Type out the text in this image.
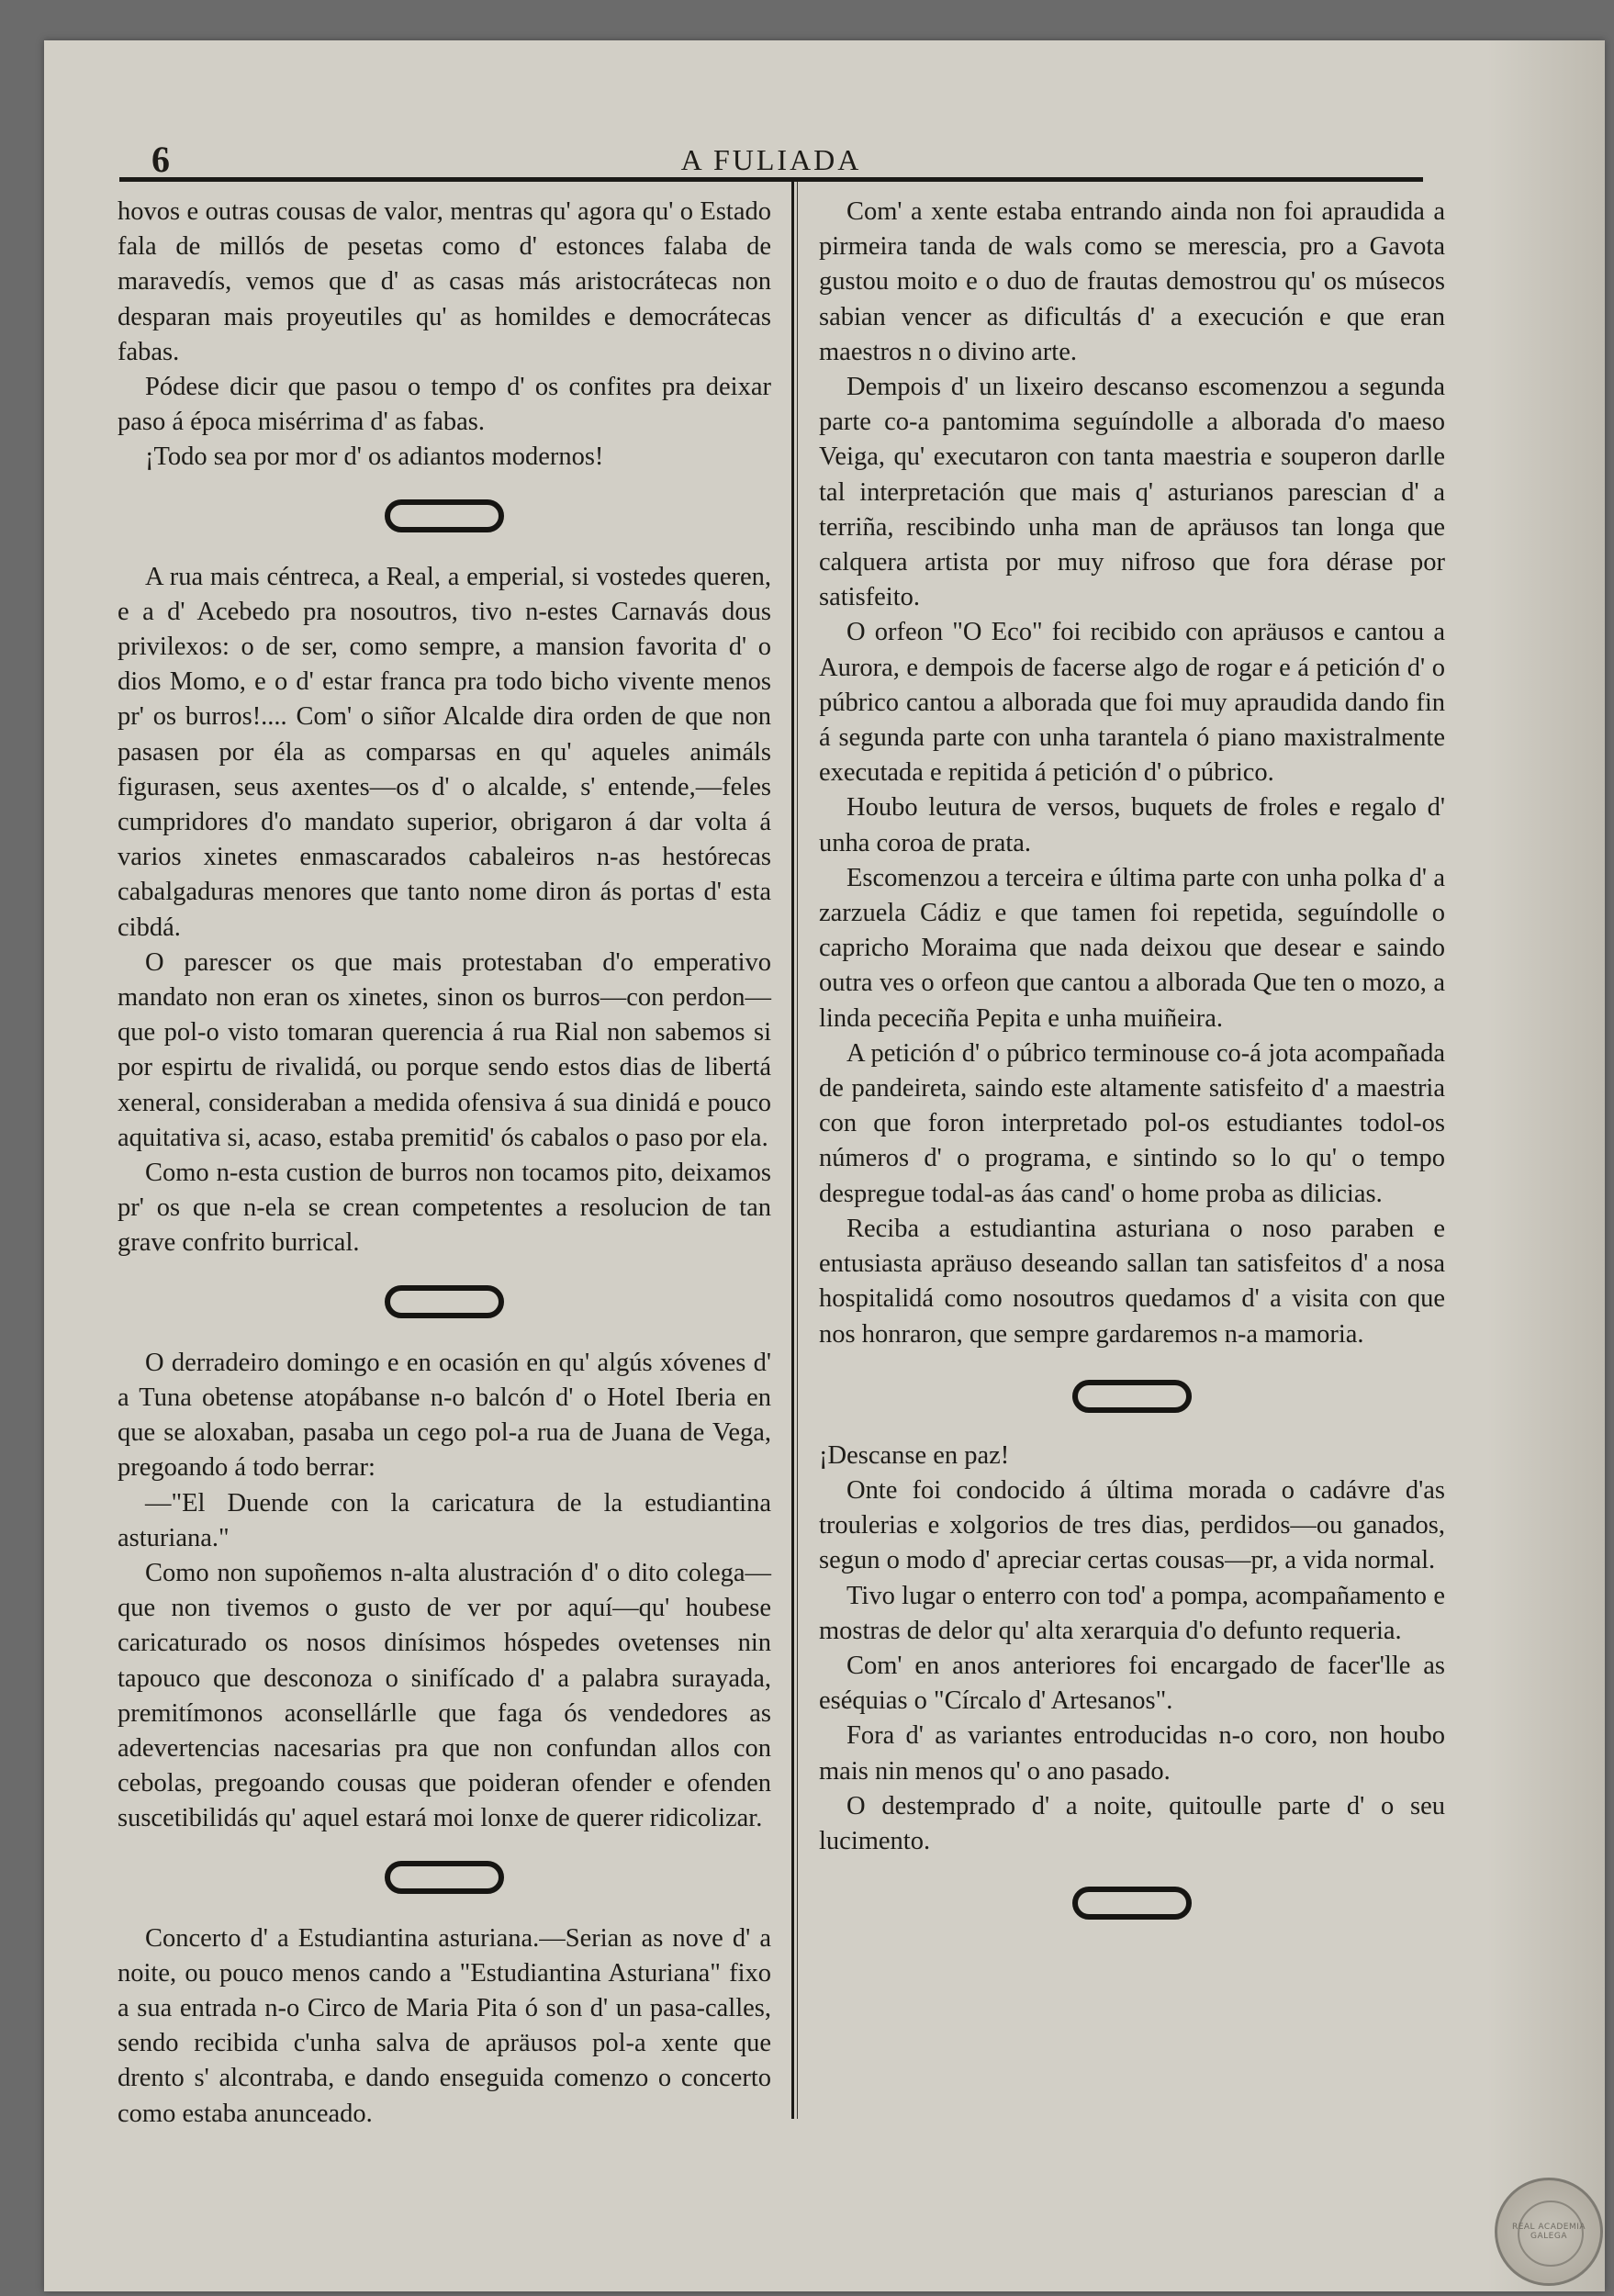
6	A FULIADA

hovos e outras cousas de valor, mentras qu' agora qu' o Estado fala de millós de pesetas como d' estonces falaba de maravedís, vemos que d' as casas más aristocrátecas non desparan mais proyeutiles qu' as homildes e democrátecas fabas.

Pódese dicir que pasou o tempo d' os confites pra deixar paso á época misérrima d' as fabas.

¡Todo sea por mor d' os adiantos modernos!

A rua mais céntreca, a Real, a emperial, si vostedes queren, e a d' Acebedo pra nosoutros, tivo n-estes Carnavás dous privilexos: o de ser, como sempre, a mansion favorita d' o dios Momo, e o d' estar franca pra todo bicho vivente menos pr' os burros!.... Com' o siñor Alcalde dira orden de que non pasasen por éla as comparsas en qu' aqueles animáls figurasen, seus axentes—os d' o alcalde, s' entende,—feles cumpridores d'o mandato superior, obrigaron á dar volta á varios xinetes enmascarados cabaleiros n-as hestórecas cabalgaduras menores que tanto nome diron ás portas d' esta cibdá.

O parescer os que mais protestaban d'o emperativo mandato non eran os xinetes, sinon os burros—con perdon—que pol-o visto tomaran querencia á rua Rial non sabemos si por espirtu de rivalidá, ou porque sendo estos dias de libertá xeneral, consideraban a medida ofensiva á sua dinidá e pouco aquitativa si, acaso, estaba premitid' ós cabalos o paso por ela.

Como n-esta custion de burros non tocamos pito, deixamos pr' os que n-ela se crean competentes a resolucion de tan grave confrito burrical.

O derradeiro domingo e en ocasión en qu' algús xóvenes d' a Tuna obetense atopábanse n-o balcón d' o Hotel Iberia en que se aloxaban, pasaba un cego pol-a rua de Juana de Vega, pregoando á todo berrar:

—"El Duende con la caricatura de la estudiantina asturiana."

Como non supoñemos n-alta alustración d' o dito colega—que non tivemos o gusto de ver por aquí—qu' houbese caricaturado os nosos dinísimos hóspedes ovetenses nin tapouco que desconoza o sinifícado d' a palabra surayada, premitímonos aconsellárlle que faga ós vendedores as adevertencias nacesarias pra que non confundan allos con cebolas, pregoando cousas que poideran ofender e ofenden suscetibilidás qu' aquel estará moi lonxe de querer ridicolizar.

Concerto d' a Estudiantina asturiana.—Serian as nove d' a noite, ou pouco menos cando a "Estudiantina Asturiana" fixo a sua entrada n-o Circo de Maria Pita ó son d' un pasa-calles, sendo recibida c'unha salva de apräusos pol-a xente que drento s' alcontraba, e dando enseguida comenzo o concerto como estaba anunceado.

Com' a xente estaba entrando ainda non foi apraudida a pirmeira tanda de wals como se merescia, pro a Gavota gustou moito e o duo de frautas demostrou qu' os músecos sabian vencer as dificultás d' a execución e que eran maestros n o divino arte.

Dempois d' un lixeiro descanso escomenzou a segunda parte co-a pantomima seguíndolle a alborada d'o maeso Veiga, qu' executaron con tanta maestria e souperon darlle tal interpretación que mais q' asturianos parescian d' a terriña, rescibindo unha man de apräusos tan longa que calquera artista por muy nifroso que fora dérase por satisfeito.

O orfeon "O Eco" foi recibido con apräusos e cantou a Aurora, e dempois de facerse algo de rogar e á petición d' o púbrico cantou a alborada que foi muy apraudida dando fin á segunda parte con unha tarantela ó piano maxistralmente executada e repitida á petición d' o púbrico.

Houbo leutura de versos, buquets de froles e regalo d' unha coroa de prata.

Escomenzou a terceira e última parte con unha polka d' a zarzuela Cádiz e que tamen foi repetida, seguíndolle o capricho Moraima que nada deixou que desear e saindo outra ves o orfeon que cantou a alborada Que ten o mozo, a linda pececiña Pepita e unha muiñeira.

A petición d' o púbrico terminouse co-á jota acompañada de pandeireta, saindo este altamente satisfeito d' a maestria con que foron interpretado pol-os estudiantes todol-os números d' o programa, e sintindo so lo qu' o tempo despregue todal-as áas cand' o home proba as dilicias.

Reciba a estudiantina asturiana o noso paraben e entusiasta apräuso deseando sallan tan satisfeitos d' a nosa hospitalidá como nosoutros quedamos d' a visita con que nos honraron, que sempre gardaremos n-a mamoria.

¡Descanse en paz!

Onte foi condocido á última morada o cadávre d'as troulerias e xolgorios de tres dias, perdidos—ou ganados, segun o modo d' apreciar certas cousas—pr, a vida normal.

Tivo lugar o enterro con tod' a pompa, acompañamento e mostras de delor qu' alta xerarquia d'o defunto requeria.

Com' en anos anteriores foi encargado de facer'lle as eséquias o "Círcalo d' Artesanos".

Fora d' as variantes entroducidas n-o coro, non houbo mais nin menos qu' o ano pasado.

O destemprado d' a noite, quitoulle parte d' o seu lucimento.

REAL ACADEMIA GALEGA
